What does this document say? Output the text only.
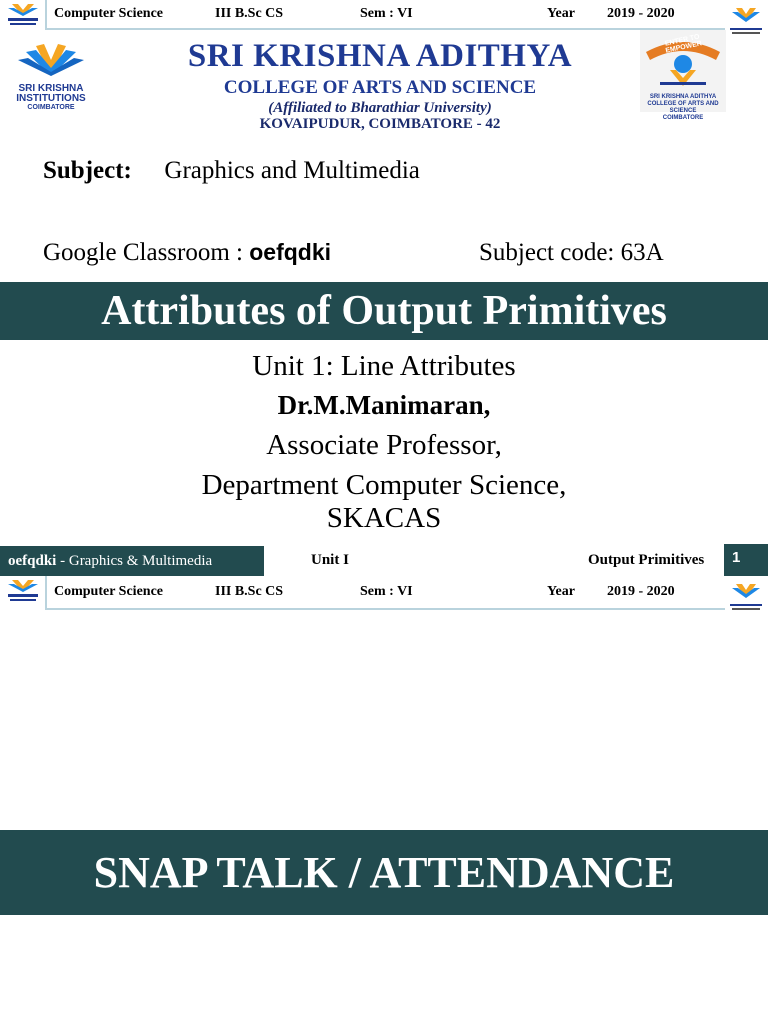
Computer Science	III B.Sc CS	Sem : VI	Year 2019 - 2020
SRI KRISHNA
INSTITUTIONS
COIMBATORE
SRI KRISHNA ADITHYA
COLLEGE OF ARTS AND SCIENCE
(Affiliated to Bharathiar University)
KOVAIPUDUR, COIMBATORE - 42
ENTER TO EMPOWER
SRI KRISHNA ADITHYA
COLLEGE OF ARTS AND SCIENCE
COIMBATORE
Subject: Graphics and Multimedia
Google Classroom : oefqdki	Subject code: 63A
Attributes of Output Primitives
Unit 1: Line Attributes
Dr.M.Manimaran,
Associate Professor,
Department Computer Science,
SKACAS
oefqdki - Graphics & Multimedia	Unit I	Output Primitives 1
Computer Science	III B.Sc CS	Sem : VI	Year 2019 - 2020
SNAP TALK / ATTENDANCE
